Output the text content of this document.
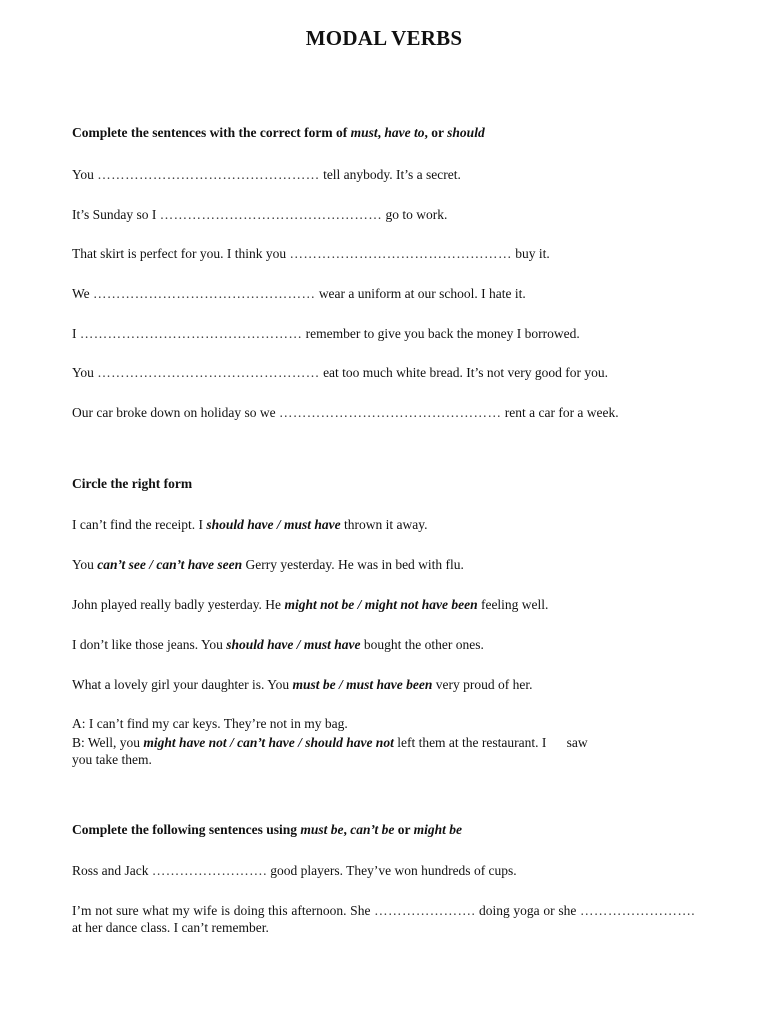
MODAL VERBS
Complete the sentences with the correct form of must, have to, or should
You ………………………………………… tell anybody. It’s a secret.
It’s Sunday so I ………………………………………… go to work.
That skirt is perfect for you. I think you ………………………………………… buy it.
We ………………………………………… wear a uniform at our school. I hate it.
I ………………………………………… remember to give you back the money I borrowed.
You ………………………………………… eat too much white bread. It’s not very good for you.
Our car broke down on holiday so we ………………………………………… rent a car for a week.
Circle the right form
I can’t find the receipt. I should have / must have thrown it away.
You can’t see / can’t have seen Gerry yesterday. He was in bed with flu.
John played really badly yesterday. He might not be / might not have been feeling well.
I don’t like those jeans. You should have / must have bought the other ones.
What a lovely girl your daughter is. You must be / must have been very proud of her.
A: I can’t find my car keys. They’re not in my bag.
B: Well, you might have not / can’t have / should have not left them at the restaurant. I      saw
you take them.
Complete the following sentences using must be, can’t be or might be
Ross and Jack ……………………. good players. They’ve won hundreds of cups.
I’m not sure what my wife is doing this afternoon. She …………………. doing yoga or she ……………………. at her dance class. I can’t remember.
